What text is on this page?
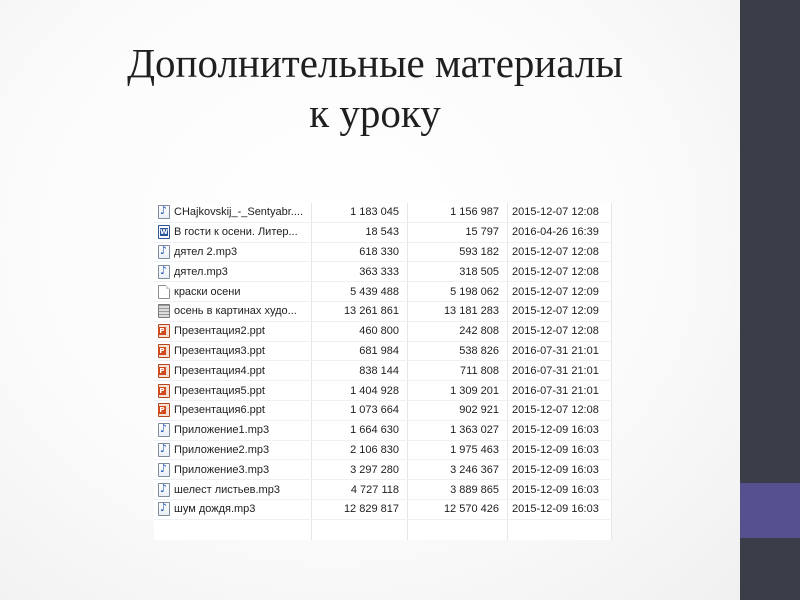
Дополнительные материалы
к уроку
♪
CHajkovskij_-_Sentyabr....	1 183 045	1 156 987	2015-12-07 12:08
W
В гости к осени. Литер...	18 543	15 797	2016-04-26 16:39
♪
дятел 2.mp3	618 330	593 182	2015-12-07 12:08
♪
дятел.mp3	363 333	318 505	2015-12-07 12:08
краски осени	5 439 488	5 198 062	2015-12-07 12:09
осень в картинах худо...	13 261 861	13 181 283	2015-12-07 12:09
P
Презентация2.ppt	460 800	242 808	2015-12-07 12:08
P
Презентация3.ppt	681 984	538 826	2016-07-31 21:01
P
Презентация4.ppt	838 144	711 808	2016-07-31 21:01
P
Презентация5.ppt	1 404 928	1 309 201	2016-07-31 21:01
P
Презентация6.ppt	1 073 664	902 921	2015-12-07 12:08
♪
Приложение1.mp3	1 664 630	1 363 027	2015-12-09 16:03
♪
Приложение2.mp3	2 106 830	1 975 463	2015-12-09 16:03
♪
Приложение3.mp3	3 297 280	3 246 367	2015-12-09 16:03
♪
шелест листьев.mp3	4 727 118	3 889 865	2015-12-09 16:03
♪
шум дождя.mp3	12 829 817	12 570 426	2015-12-09 16:03
